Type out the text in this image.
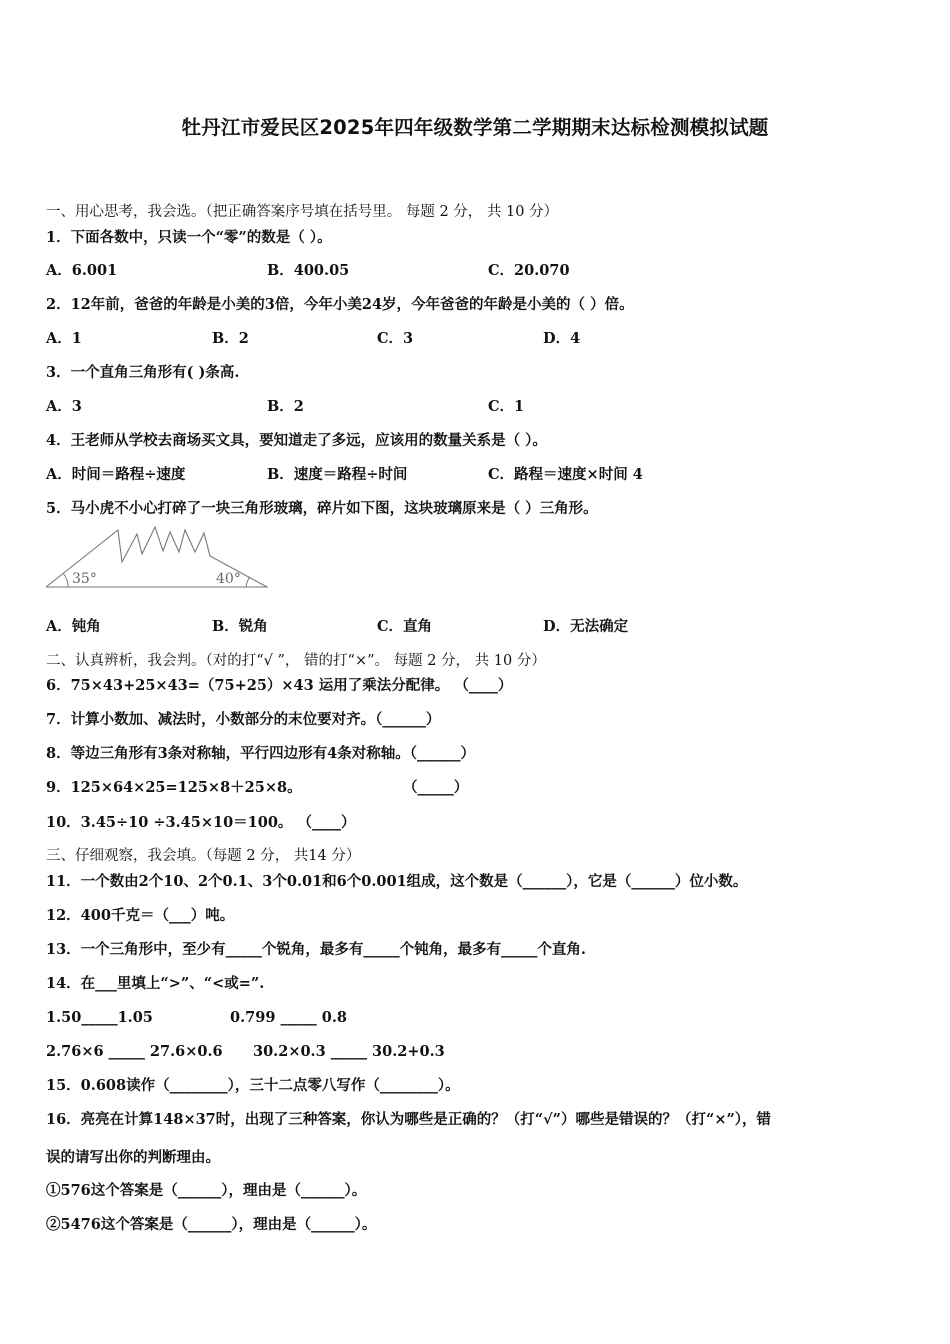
牡丹江市爱民区2025年四年级数学第二学期期末达标检测模拟试题
一、用心思考，我会选。（把正确答案序号填在括号里。 每题 2 分， 共 10 分）
1．下面各数中，只读一个“零”的数是（ ）。
A．6.001	B．400.05	C．20.070
2．12年前，爸爸的年龄是小美的3倍，今年小美24岁，今年爸爸的年龄是小美的（ ）倍。
A．1	B．2	C．3	D．4
3．一个直角三角形有( )条高.
A．3	B．2	C．1
4．王老师从学校去商场买文具，要知道走了多远，应该用的数量关系是（ ）。
A．时间＝路程÷速度	B．速度＝路程÷时间	C．路程＝速度×时间 4
5．马小虎不小心打碎了一块三角形玻璃，碎片如下图，这块玻璃原来是（ ）三角形。
35°	40°
A．钝角	B．锐角	C．直角	D．无法确定
二、认真辨析，我会判。（对的打“√ ”， 错的打“×”。 每题 2 分， 共 10 分）
6．75×43+25×43=（75+25）×43 运用了乘法分配律。 （____）
7．计算小数加、减法时，小数部分的末位要对齐。（______）
8．等边三角形有3条对称轴，平行四边形有4条对称轴。（______）
9．125×64×25=125×8＋25×8。	（_____）
10．3.45÷10 ÷3.45×10＝100。 （____）
三、仔细观察，我会填。（每题 2 分， 共14 分）
11．一个数由2个10、2个0.1、3个0.01和6个0.001组成，这个数是（______），它是（______）位小数。
12．400千克＝（___）吨。
13．一个三角形中，至少有_____个锐角，最多有_____个钝角，最多有_____个直角.
14．在___里填上“>”、“<或=”.
1.50_____1.05	0.799 _____ 0.8
2.76×6 _____ 27.6×0.6 30.2×0.3 _____ 30.2+0.3
15．0.608读作（________），三十二点零八写作（________）。
16．亮亮在计算148×37时，出现了三种答案，你认为哪些是正确的？（打“√”）哪些是错误的？（打“×”），错
误的请写出你的判断理由。
①576这个答案是（______），理由是（______）。
②5476这个答案是（______），理由是（______）。
